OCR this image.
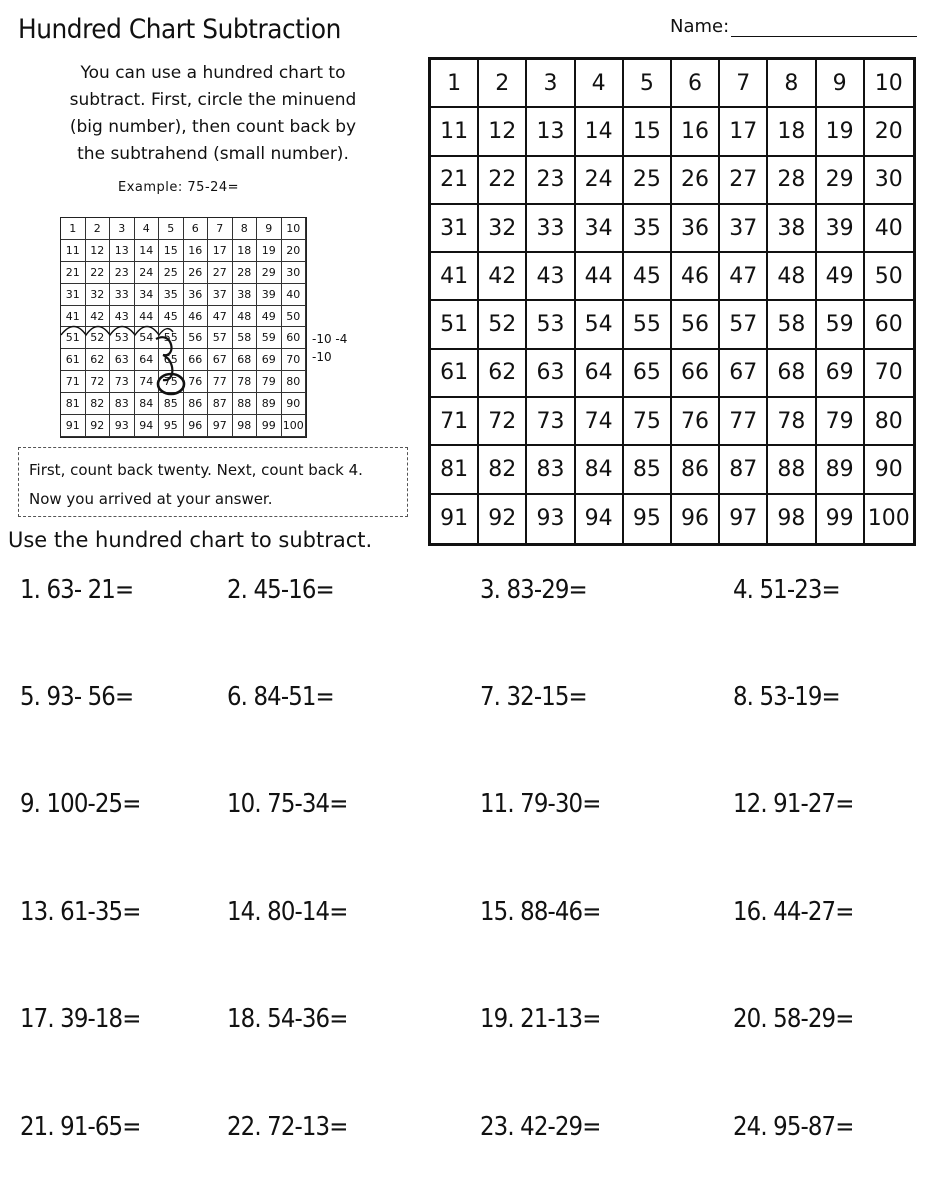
Hundred Chart Subtraction	Name:
You can use a hundred chart to
subtract. First, circle the minuend
(big number), then count back by
the subtrahend (small number).
Example: 75-24=
1	2	3	4	5	6	7	8	9	10
11 12 13 14 15 16 17 18 19 20
21 22 23 24 25 26 27 28 29 30
31 32 33 34 35 36 37 38 39 40
41 42 43 44 45 46 47 48 49 50
51 52 53 54 55 56 57 58 59 60
61 62 63 64 65 66 67 68 69 70
71 72 73 74 75 76 77 78 79 80
81 82 83 84 85 86 87 88 89 90
91 92 93 94 95 96 97 98 99 100
-10 -4
-10
First, count back twenty. Next, count back 4. Now you arrived at your answer.
Use the hundred chart to subtract.
1	2	3	4	5	6	7	8	9	10
11 12 13 14 15 16 17 18 19 20
21 22 23 24 25 26 27 28 29 30
31 32 33 34 35 36 37 38 39 40
41 42 43 44 45 46 47 48 49 50
51 52 53 54 55 56 57 58 59 60
61 62 63 64 65 66 67 68 69 70
71 72 73 74 75 76 77 78 79 80
81 82 83 84 85 86 87 88 89 90
91 92 93 94 95 96 97 98 99 100
1. 63- 21=	2. 45-16=	3. 83-29=	4. 51-23=
5. 93- 56=	6. 84-51=	7. 32-15=	8. 53-19=
9. 100-25=	10. 75-34=	11. 79-30=	12. 91-27=
13. 61-35=	14. 80-14=	15. 88-46=	16. 44-27=
17. 39-18=	18. 54-36=	19. 21-13=	20. 58-29=
21. 91-65=	22. 72-13=	23. 42-29=	24. 95-87=
